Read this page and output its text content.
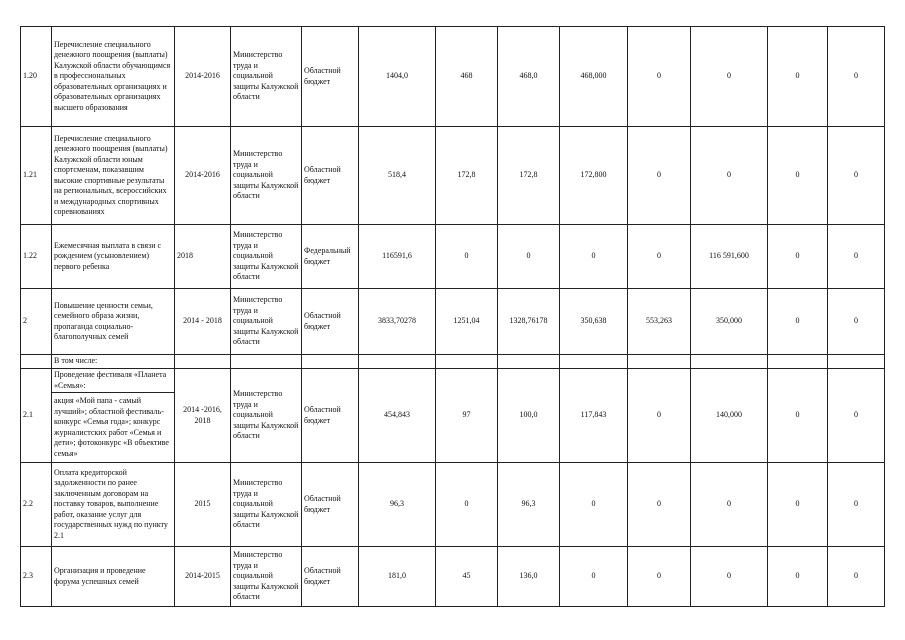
1.20	Перечисление специального денежного поощрения (выплаты) Калужской области обучающимся в профессиональных образовательных организациях и образовательных организациях высшего образования	2014-2016	Министерство труда и социальной защиты Калужской области	Областной бюджет	1404,0	468	468,0	468,000	0	0	0	0
1.21	Перечисление специального денежного поощрения (выплаты) Калужской области юным спортсменам, показавшим высокие спортивные результаты на региональных, всероссийских и международных спортивных соревнованиях	2014-2016	Министерство труда и социальной защиты Калужской области	Областной бюджет	518,4	172,8	172,8	172,800	0	0	0	0
1.22	Ежемесячная выплата в связи с рождением (усыновлением) первого ребенка	2018	Министерство труда и социальной защиты Калужской области	Федеральный бюджет	116591,6	0	0	0	0	116 591,600	0	0
2	Повышение ценности семьи, семейного образа жизни, пропаганда социально-благополучных семей	2014 - 2018	Министерство труда и социальной защиты Калужской области	Областной бюджет	3833,70278	1251,04	1328,76178	350,638	553,263	350,000	0	0
	В том числе:											
2.1	Проведение фестиваля «Планета «Семья»:	2014 -2016, 2018	Министерство труда и социальной защиты Калужской области	Областной бюджет	454,843	97	100,0	117,843	0	140,000	0	0
	акция «Мой папа - самый лучший»; областной фестиваль-конкурс «Семья года»; конкурс журналистских работ «Семья и дети»; фотоконкурс «В объективе семья»											
2.2	Оплата кредиторской задолженности по ранее заключенным договорам на поставку товаров, выполнение работ, оказание услуг для государственных нужд по пункту 2.1	2015	Министерство труда и социальной защиты Калужской области	Областной бюджет	96,3	0	96,3	0	0	0	0	0
2.3	Организация и проведение форума успешных семей	2014-2015	Министерство труда и социальной защиты Калужской области	Областной бюджет	181,0	45	136,0	0	0	0	0	0
